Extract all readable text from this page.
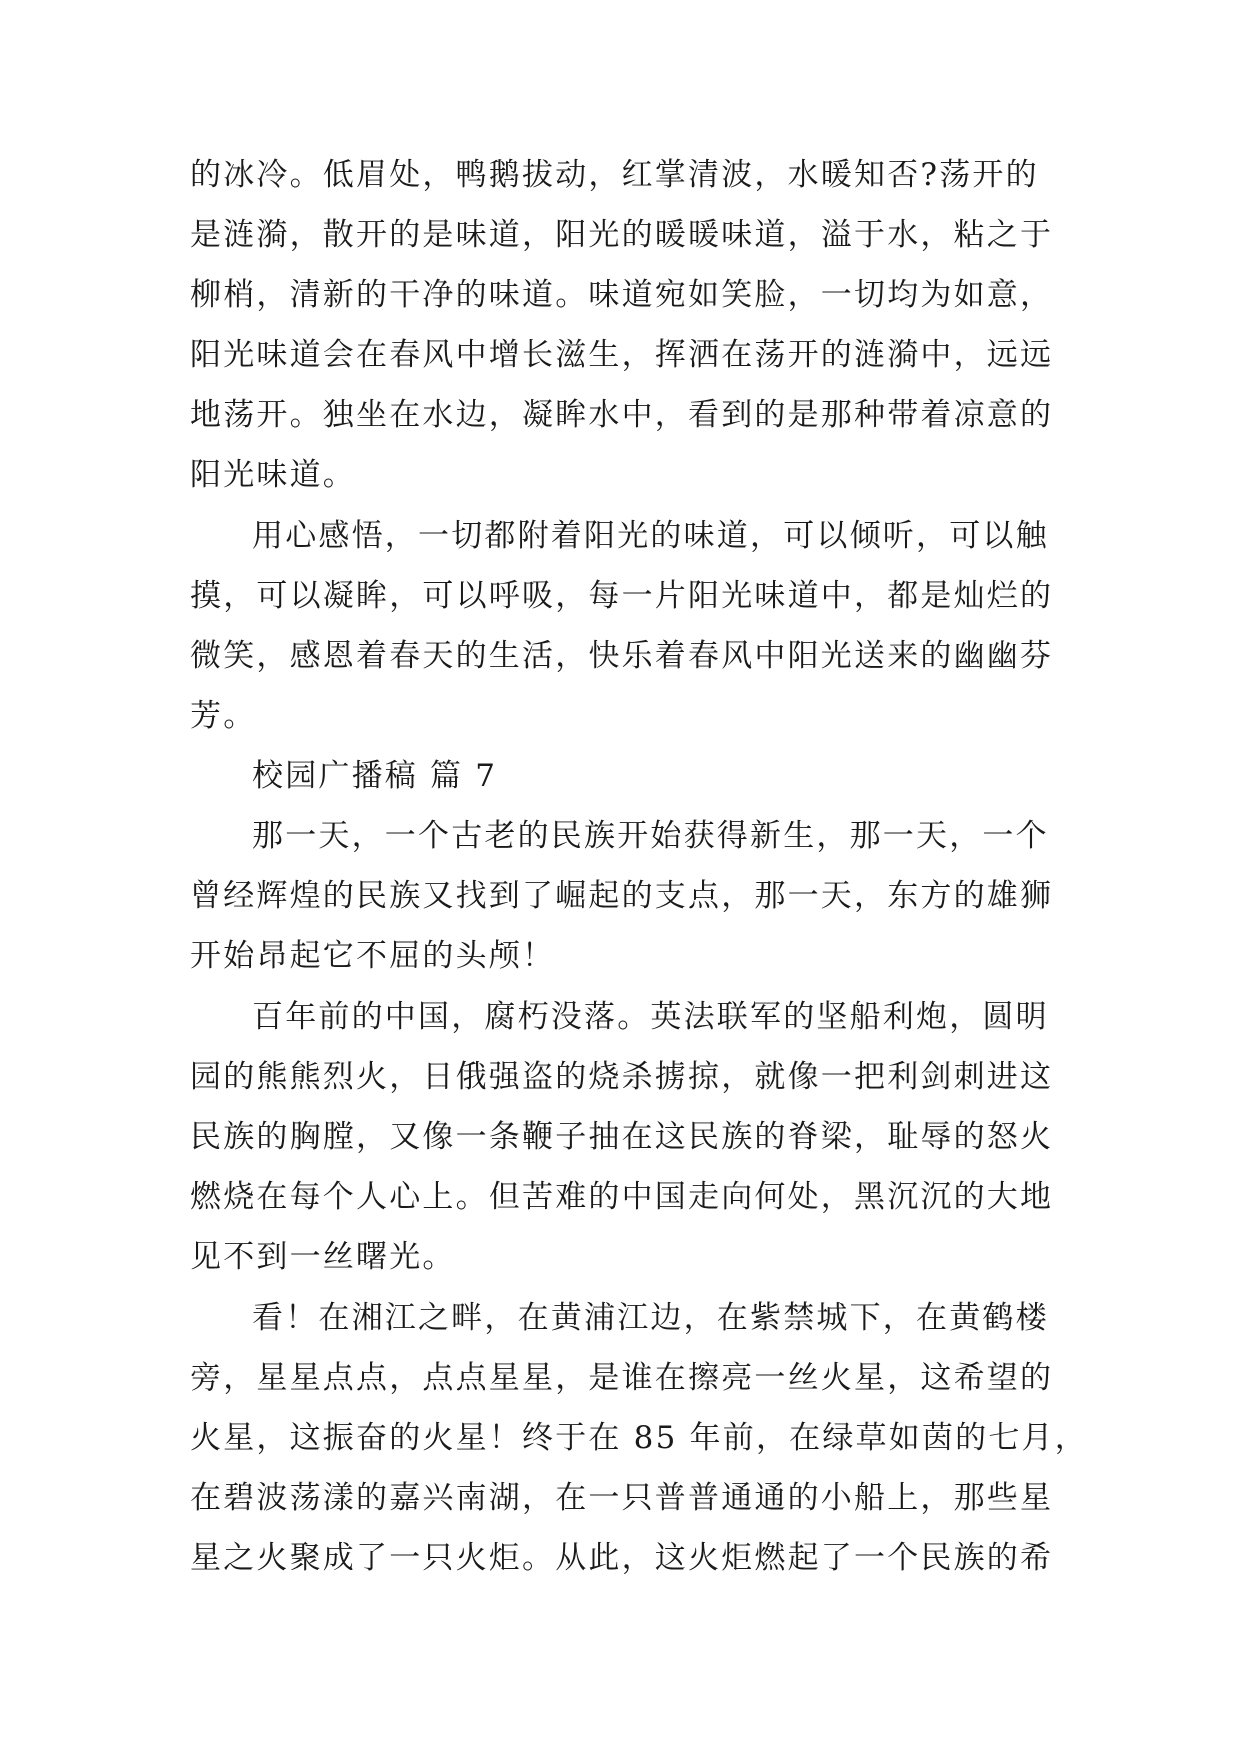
的冰冷。低眉处，鸭鹅拔动，红掌清波，水暖知否?荡开的
是涟漪，散开的是味道，阳光的暖暖味道，溢于水，粘之于
柳梢，清新的干净的味道。味道宛如笑脸，一切均为如意，
阳光味道会在春风中增长滋生，挥洒在荡开的涟漪中，远远
地荡开。独坐在水边，凝眸水中，看到的是那种带着凉意的
阳光味道。
用心感悟，一切都附着阳光的味道，可以倾听，可以触
摸，可以凝眸，可以呼吸，每一片阳光味道中，都是灿烂的
微笑，感恩着春天的生活，快乐着春风中阳光送来的幽幽芬
芳。
校园广播稿 篇 7
那一天，一个古老的民族开始获得新生，那一天，一个
曾经辉煌的民族又找到了崛起的支点，那一天，东方的雄狮
开始昂起它不屈的头颅！
百年前的中国，腐朽没落。英法联军的坚船利炮，圆明
园的熊熊烈火，日俄强盗的烧杀掳掠，就像一把利剑刺进这
民族的胸膛，又像一条鞭子抽在这民族的脊梁，耻辱的怒火
燃烧在每个人心上。但苦难的中国走向何处，黑沉沉的大地
见不到一丝曙光。
看！在湘江之畔，在黄浦江边，在紫禁城下，在黄鹤楼
旁，星星点点，点点星星，是谁在擦亮一丝火星，这希望的
火星，这振奋的火星！终于在 85 年前，在绿草如茵的七月，
在碧波荡漾的嘉兴南湖，在一只普普通通的小船上，那些星
星之火聚成了一只火炬。从此，这火炬燃起了一个民族的希
